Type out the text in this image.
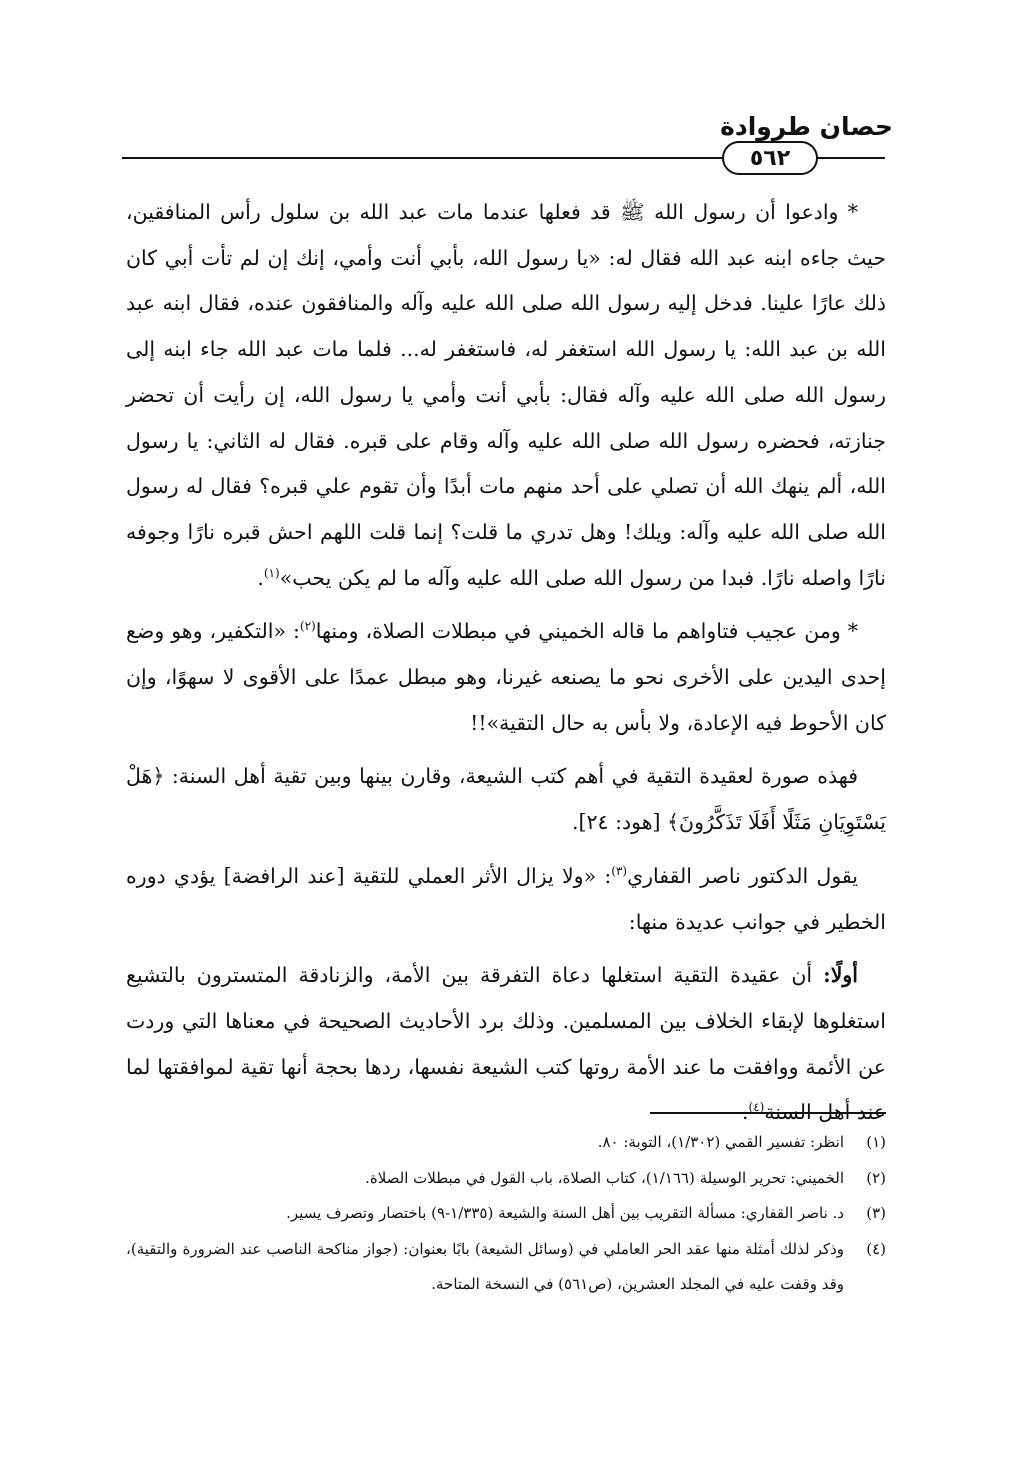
حصان طروادة
٥٦٢

* وادعوا أن رسول الله ﷺ قد فعلها عندما مات عبد الله بن سلول رأس المنافقين، حيث جاءه ابنه عبد الله فقال له: «يا رسول الله، بأبي أنت وأمي، إنك إن لم تأت أبي كان ذلك عارًا علينا. فدخل إليه رسول الله صلى الله عليه وآله والمنافقون عنده، فقال ابنه عبد الله بن عبد الله: يا رسول الله استغفر له، فاستغفر له... فلما مات عبد الله جاء ابنه إلى رسول الله صلى الله عليه وآله فقال: بأبي أنت وأمي يا رسول الله، إن رأيت أن تحضر جنازته، فحضره رسول الله صلى الله عليه وآله وقام على قبره. فقال له الثاني: يا رسول الله، ألم ينهك الله أن تصلي على أحد منهم مات أبدًا وأن تقوم علي قبره؟ فقال له رسول الله صلى الله عليه وآله: ويلك! وهل تدري ما قلت؟ إنما قلت اللهم احش قبره نارًا وجوفه نارًا واصله نارًا. فبدا من رسول الله صلى الله عليه وآله ما لم يكن يحب»$^{(١)}$.

* ومن عجيب فتاواهم ما قاله الخميني في مبطلات الصلاة، ومنها$^{(٢)}$: «التكفير، وهو وضع إحدى اليدين على الأخرى نحو ما يصنعه غيرنا، وهو مبطل عمدًا على الأقوى لا سهوًا، وإن كان الأحوط فيه الإعادة، ولا بأس به حال التقية»!!

فهذه صورة لعقيدة التقية في أهم كتب الشيعة، وقارن بينها وبين تقية أهل السنة: ﴿هَلْ يَسْتَوِيَانِ مَثَلًا أَفَلَا تَذَكَّرُونَ﴾ [هود: ٢٤].

يقول الدكتور ناصر القفاري$^{(٣)}$: «ولا يزال الأثر العملي للتقية [عند الرافضة] يؤدي دوره الخطير في جوانب عديدة منها:

أولًا: أن عقيدة التقية استغلها دعاة التفرقة بين الأمة، والزنادقة المتسترون بالتشيع استغلوها لإبقاء الخلاف بين المسلمين. وذلك برد الأحاديث الصحيحة في معناها التي وردت عن الأئمة ووافقت ما عند الأمة روتها كتب الشيعة نفسها، ردها بحجة أنها تقية لموافقتها لما عند أهل السنة$^{(٤)}$.

(١)
انظر: تفسير القمي (١/٣٠٢)، التوبة: ٨٠.
(٢)
الخميني: تحرير الوسيلة (١/١٦٦)، كتاب الصلاة، باب القول في مبطلات الصلاة.
(٣)
د. ناصر القفاري: مسألة التقريب بين أهل السنة والشيعة (١/٣٣٥-٩) باختصار وتصرف يسير.
(٤)
وذكر لذلك أمثلة منها عقد الحر العاملي في (وسائل الشيعة) بابًا بعنوان: (جواز مناكحة الناصب عند الضرورة والتقية)، وقد وقفت عليه في المجلد العشرين، (ص٥٦١) في النسخة المتاحة.
